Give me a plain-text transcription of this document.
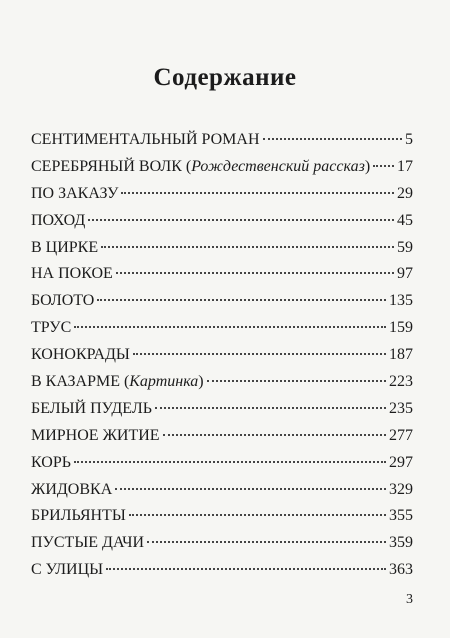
Содержание
СЕНТИМЕНТАЛЬНЫЙ РОМАН	5
СЕРЕБРЯНЫЙ ВОЛК (Рождественский рассказ) 17
ПО ЗАКАЗУ	29
ПОХОД	45
В ЦИРКЕ	59
НА ПОКОЕ	97
БОЛОТО	135
ТРУС	159
КОНОКРАДЫ	187
В КАЗАРМЕ (Картинка)	223
БЕЛЫЙ ПУДЕЛЬ	235
МИРНОЕ ЖИТИЕ	277
КОРЬ	297
ЖИДОВКА	329
БРИЛЬЯНТЫ	355
ПУСТЫЕ ДАЧИ	359
С УЛИЦЫ	363
3
